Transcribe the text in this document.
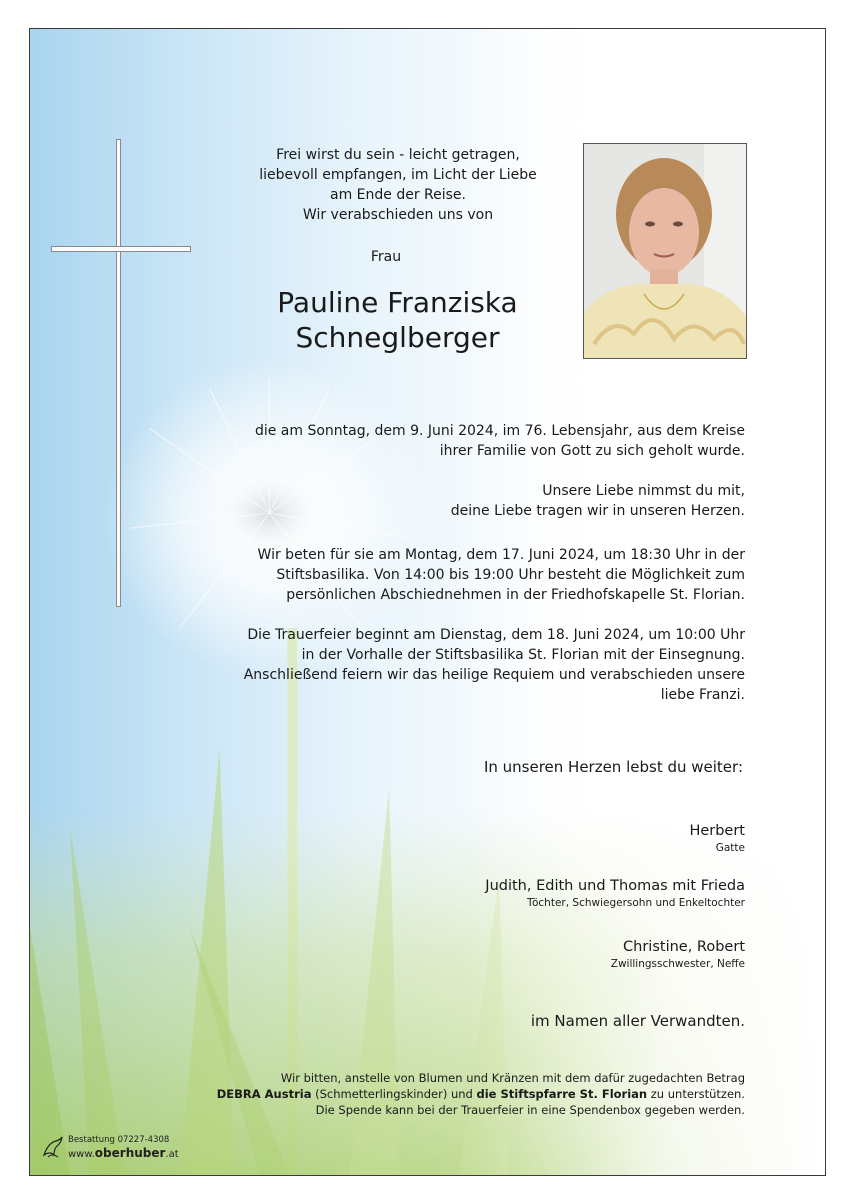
Frei wirst du sein - leicht getragen,
liebevoll empfangen, im Licht der Liebe
am Ende der Reise.
Wir verabschieden uns von
Frau
Pauline Franziska
Schneglberger
die am Sonntag, dem 9. Juni 2024, im 76. Lebensjahr, aus dem Kreise
ihrer Familie von Gott zu sich geholt wurde.
Unsere Liebe nimmst du mit,
deine Liebe tragen wir in unseren Herzen.
Wir beten für sie am Montag, dem 17. Juni 2024, um 18:30 Uhr in der
Stiftsbasilika. Von 14:00 bis 19:00 Uhr besteht die Möglichkeit zum
persönlichen Abschiednehmen in der Friedhofskapelle St. Florian.
Die Trauerfeier beginnt am Dienstag, dem 18. Juni 2024, um 10:00 Uhr
in der Vorhalle der Stiftsbasilika St. Florian mit der Einsegnung.
Anschließend feiern wir das heilige Requiem und verabschieden unsere
liebe Franzi.
In unseren Herzen lebst du weiter:
Herbert
Gatte
Judith, Edith und Thomas mit Frieda
Töchter, Schwiegersohn und Enkeltochter
Christine, Robert
Zwillingsschwester, Neffe
im Namen aller Verwandten.
Wir bitten, anstelle von Blumen und Kränzen mit dem dafür zugedachten Betrag
DEBRA Austria (Schmetterlingskinder) und die Stiftspfarre St. Florian zu unterstützen.
Die Spende kann bei der Trauerfeier in eine Spendenbox gegeben werden.
Bestattung 07227-4308
www.oberhuber.at
